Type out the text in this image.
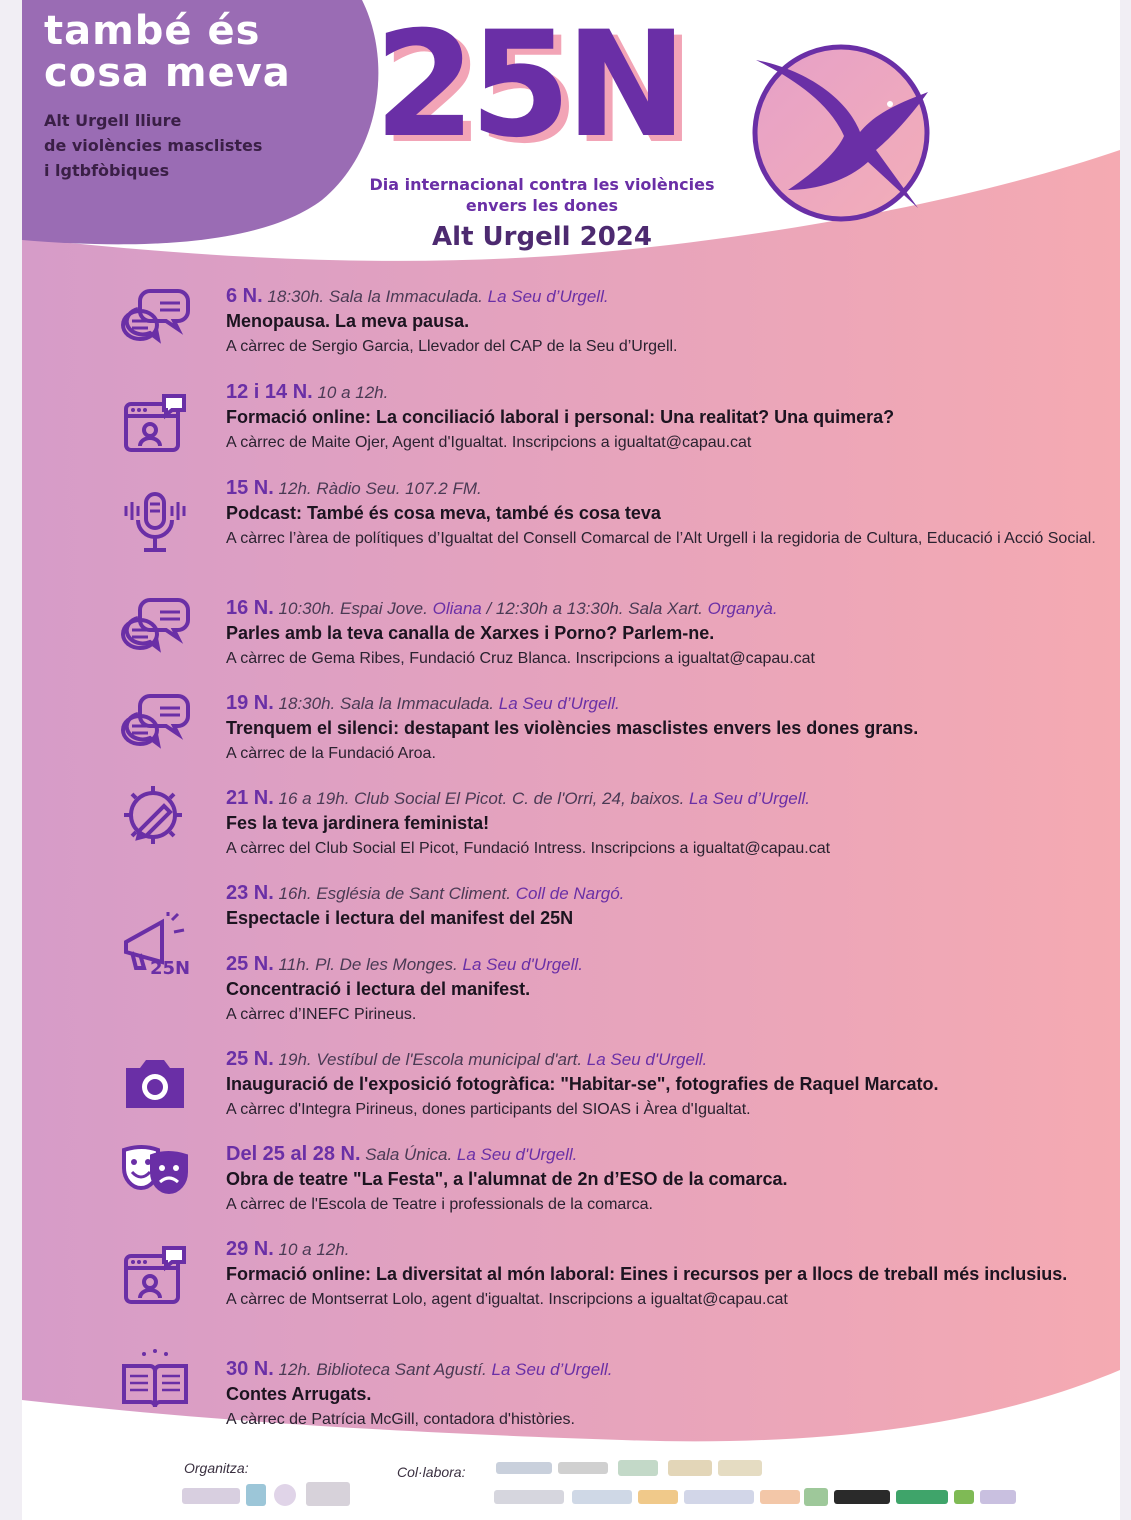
també és
cosa meva
Alt Urgell lliure
de violències masclistes
i lgtbfòbiques
25N
Dia internacional contra les violències
envers les dones
Alt Urgell 2024
6 N. 18:30h. Sala la Immaculada. La Seu d’Urgell.
Menopausa. La meva pausa.
A càrrec de Sergio Garcia, Llevador del CAP de la Seu d’Urgell.
12 i 14 N. 10 a 12h.
Formació online: La conciliació laboral i personal: Una realitat? Una quimera?
A càrrec de Maite Ojer, Agent d'Igualtat. Inscripcions a igualtat@capau.cat
15 N. 12h. Ràdio Seu. 107.2 FM.
Podcast: També és cosa meva, també és cosa teva
A càrrec l’àrea de polítiques d’Igualtat del Consell Comarcal de l’Alt Urgell i la regidoria de Cultura, Educació i Acció Social.
16 N. 10:30h. Espai Jove. Oliana / 12:30h a 13:30h. Sala Xart. Organyà.
Parles amb la teva canalla de Xarxes i Porno? Parlem-ne.
A càrrec de Gema Ribes, Fundació Cruz Blanca. Inscripcions a igualtat@capau.cat
19 N. 18:30h. Sala la Immaculada. La Seu d’Urgell.
Trenquem el silenci: destapant les violències masclistes envers les dones grans.
A càrrec de la Fundació Aroa.
21 N. 16 a 19h. Club Social El Picot. C. de l'Orri, 24, baixos. La Seu d’Urgell.
Fes la teva jardinera feminista!
A càrrec del Club Social El Picot, Fundació Intress. Inscripcions a igualtat@capau.cat
23 N. 16h. Església de Sant Climent. Coll de Nargó.
Espectacle i lectura del manifest del 25N
25 N. 11h. Pl. De les Monges. La Seu d'Urgell.
Concentració i lectura del manifest.
A càrrec d’INEFC Pirineus.
25N
25 N. 19h. Vestíbul de l'Escola municipal d'art. La Seu d'Urgell.
Inauguració de l'exposició fotogràfica: "Habitar-se", fotografies de Raquel Marcato.
A càrrec d'Integra Pirineus, dones participants del SIOAS i Àrea d'Igualtat.
Del 25 al 28 N. Sala Única. La Seu d'Urgell.
Obra de teatre "La Festa", a l'alumnat de 2n d’ESO de la comarca.
A càrrec de l'Escola de Teatre i professionals de la comarca.
29 N. 10 a 12h.
Formació online: La diversitat al món laboral: Eines i recursos per a llocs de treball més inclusius.
A càrrec de Montserrat Lolo, agent d'igualtat. Inscripcions a igualtat@capau.cat
30 N. 12h. Biblioteca Sant Agustí. La Seu d’Urgell.
Contes Arrugats.
A càrrec de Patrícia McGill, contadora d'històries.
Organitza:	Col·labora:
